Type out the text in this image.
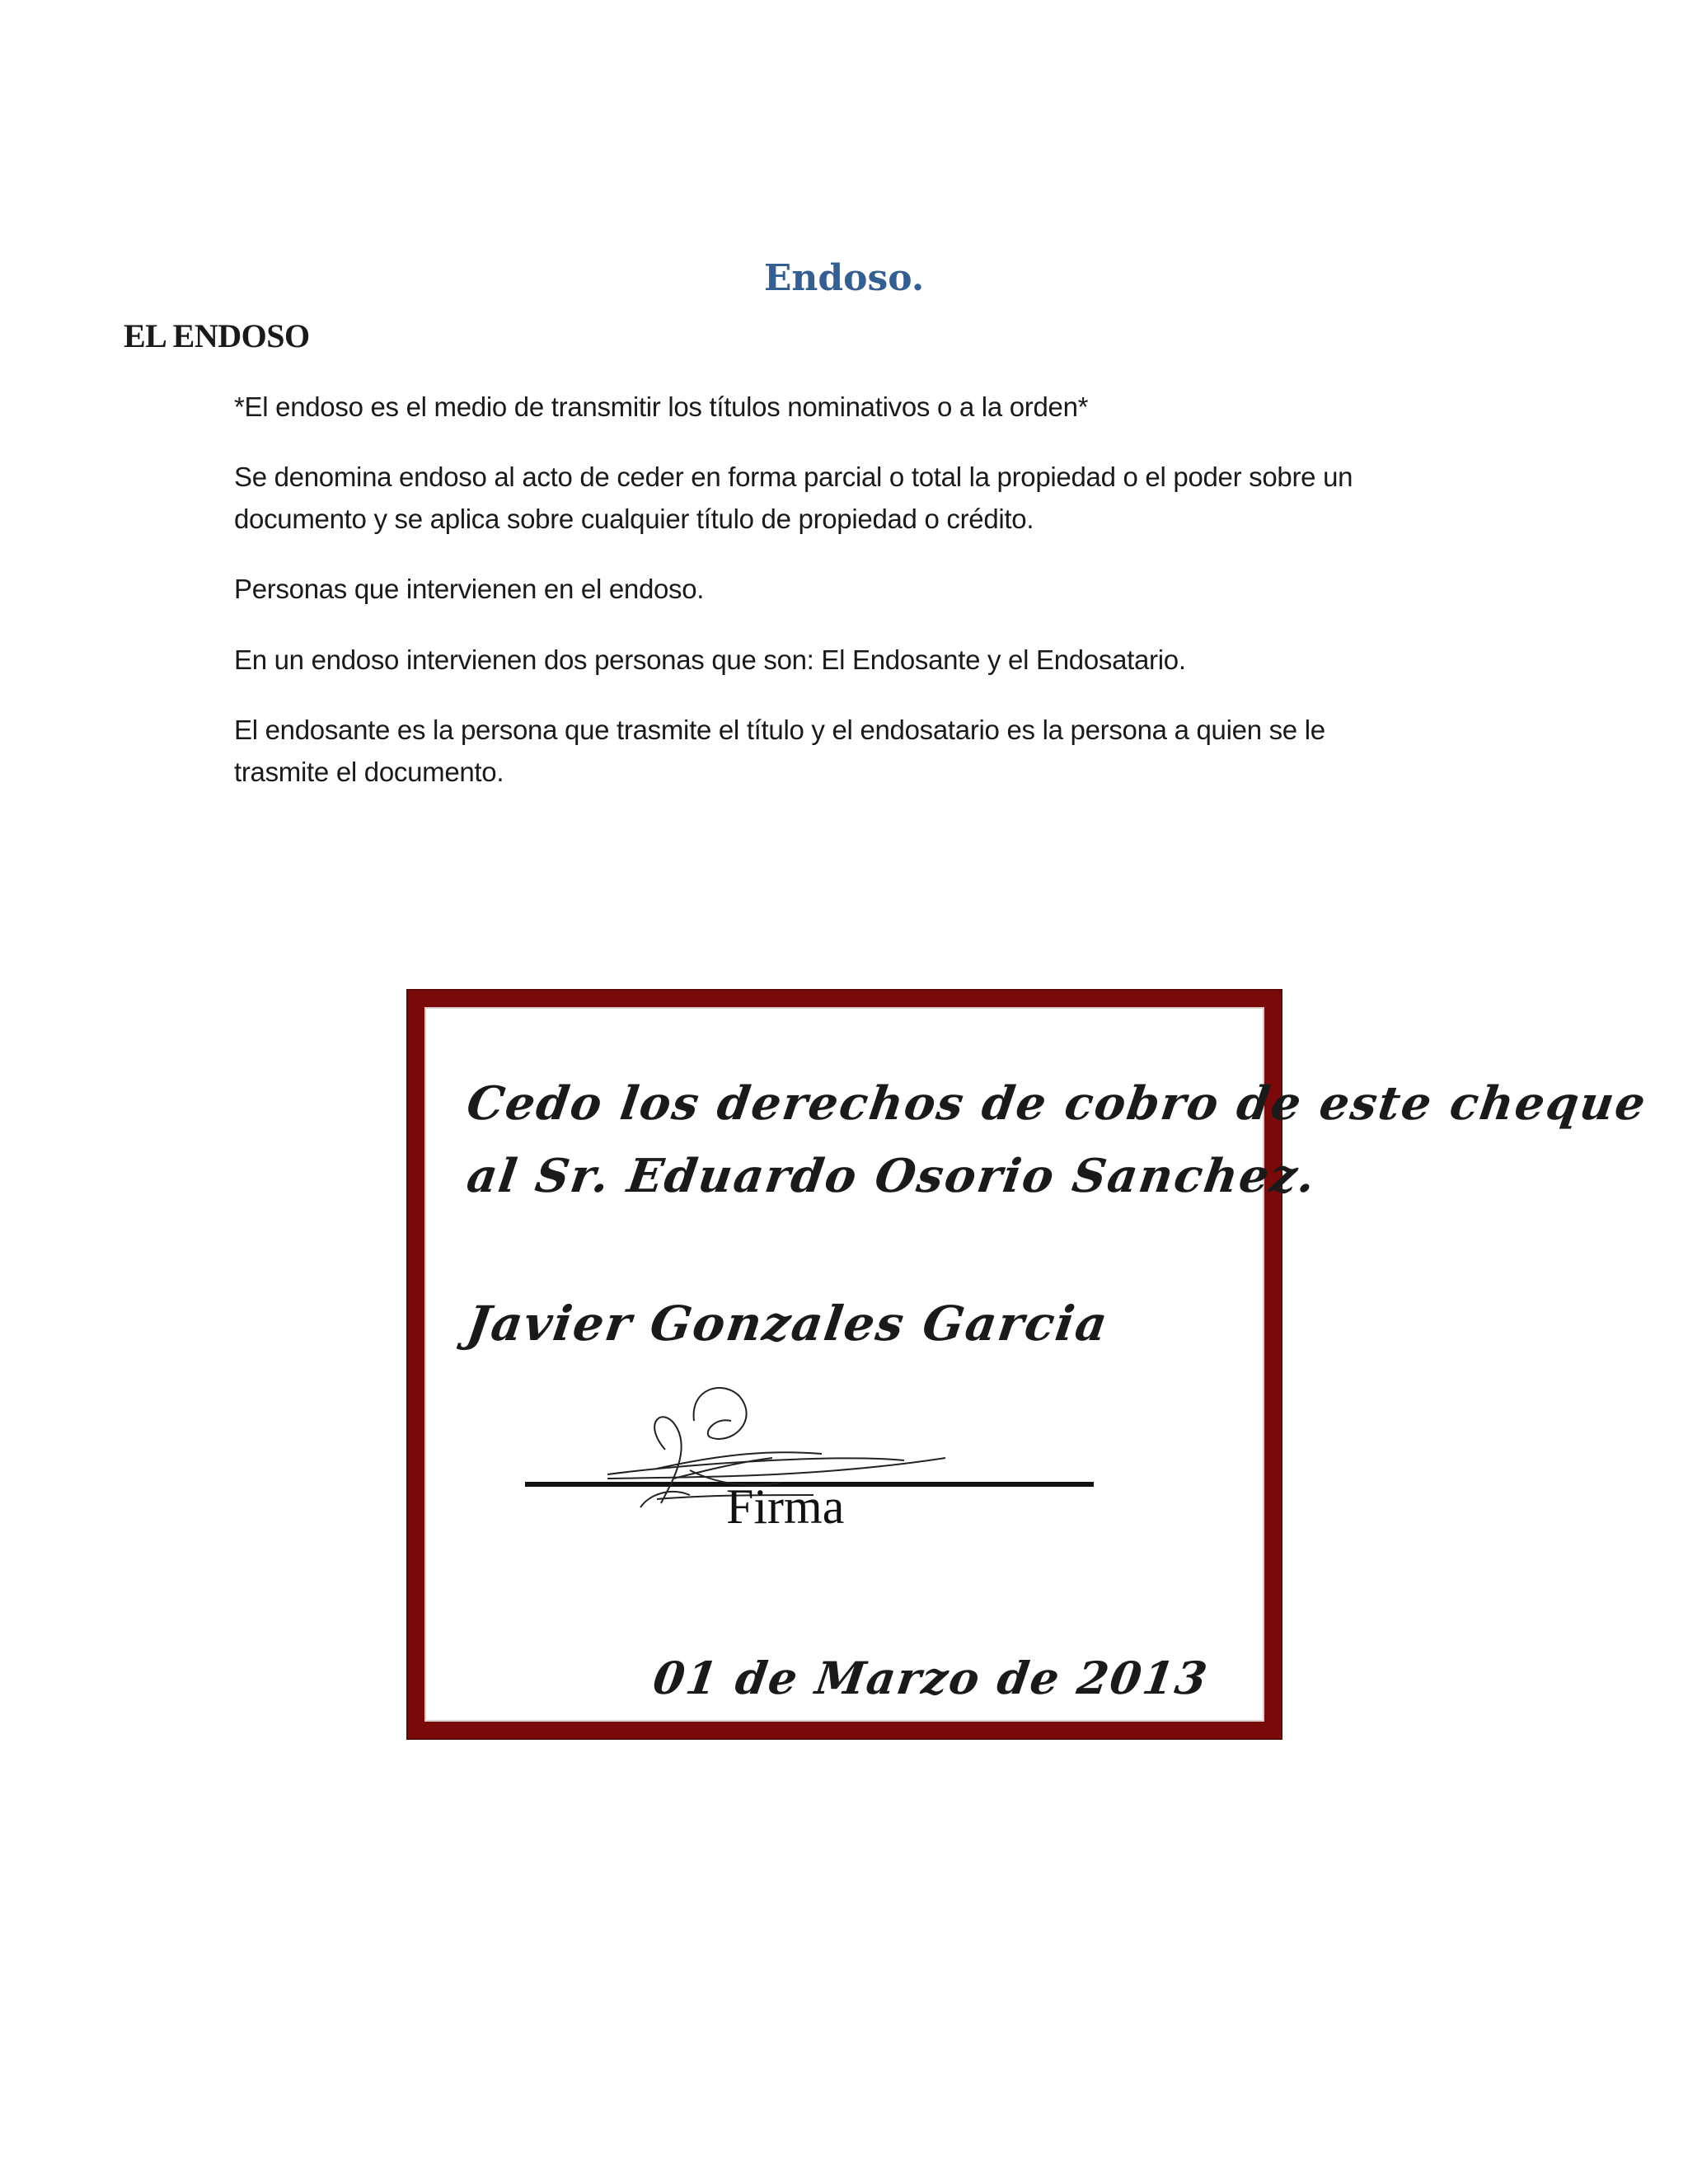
Endoso.
EL ENDOSO

*El endoso es el medio de transmitir los títulos nominativos o a la orden*

Se denomina endoso al acto de ceder en forma parcial o total la propiedad o el poder sobre un documento y se aplica sobre cualquier título de propiedad o crédito.

Personas que intervienen en el endoso.

En un endoso intervienen dos personas que son: El Endosante y el Endosatario.

El endosante es la persona que trasmite el título y el endosatario es la persona a quien se le trasmite el documento.

Cedo los derechos de cobro de este cheque

al Sr. Eduardo Osorio Sanchez.

Javier Gonzales Garcia

Firma

01 de Marzo de 2013
